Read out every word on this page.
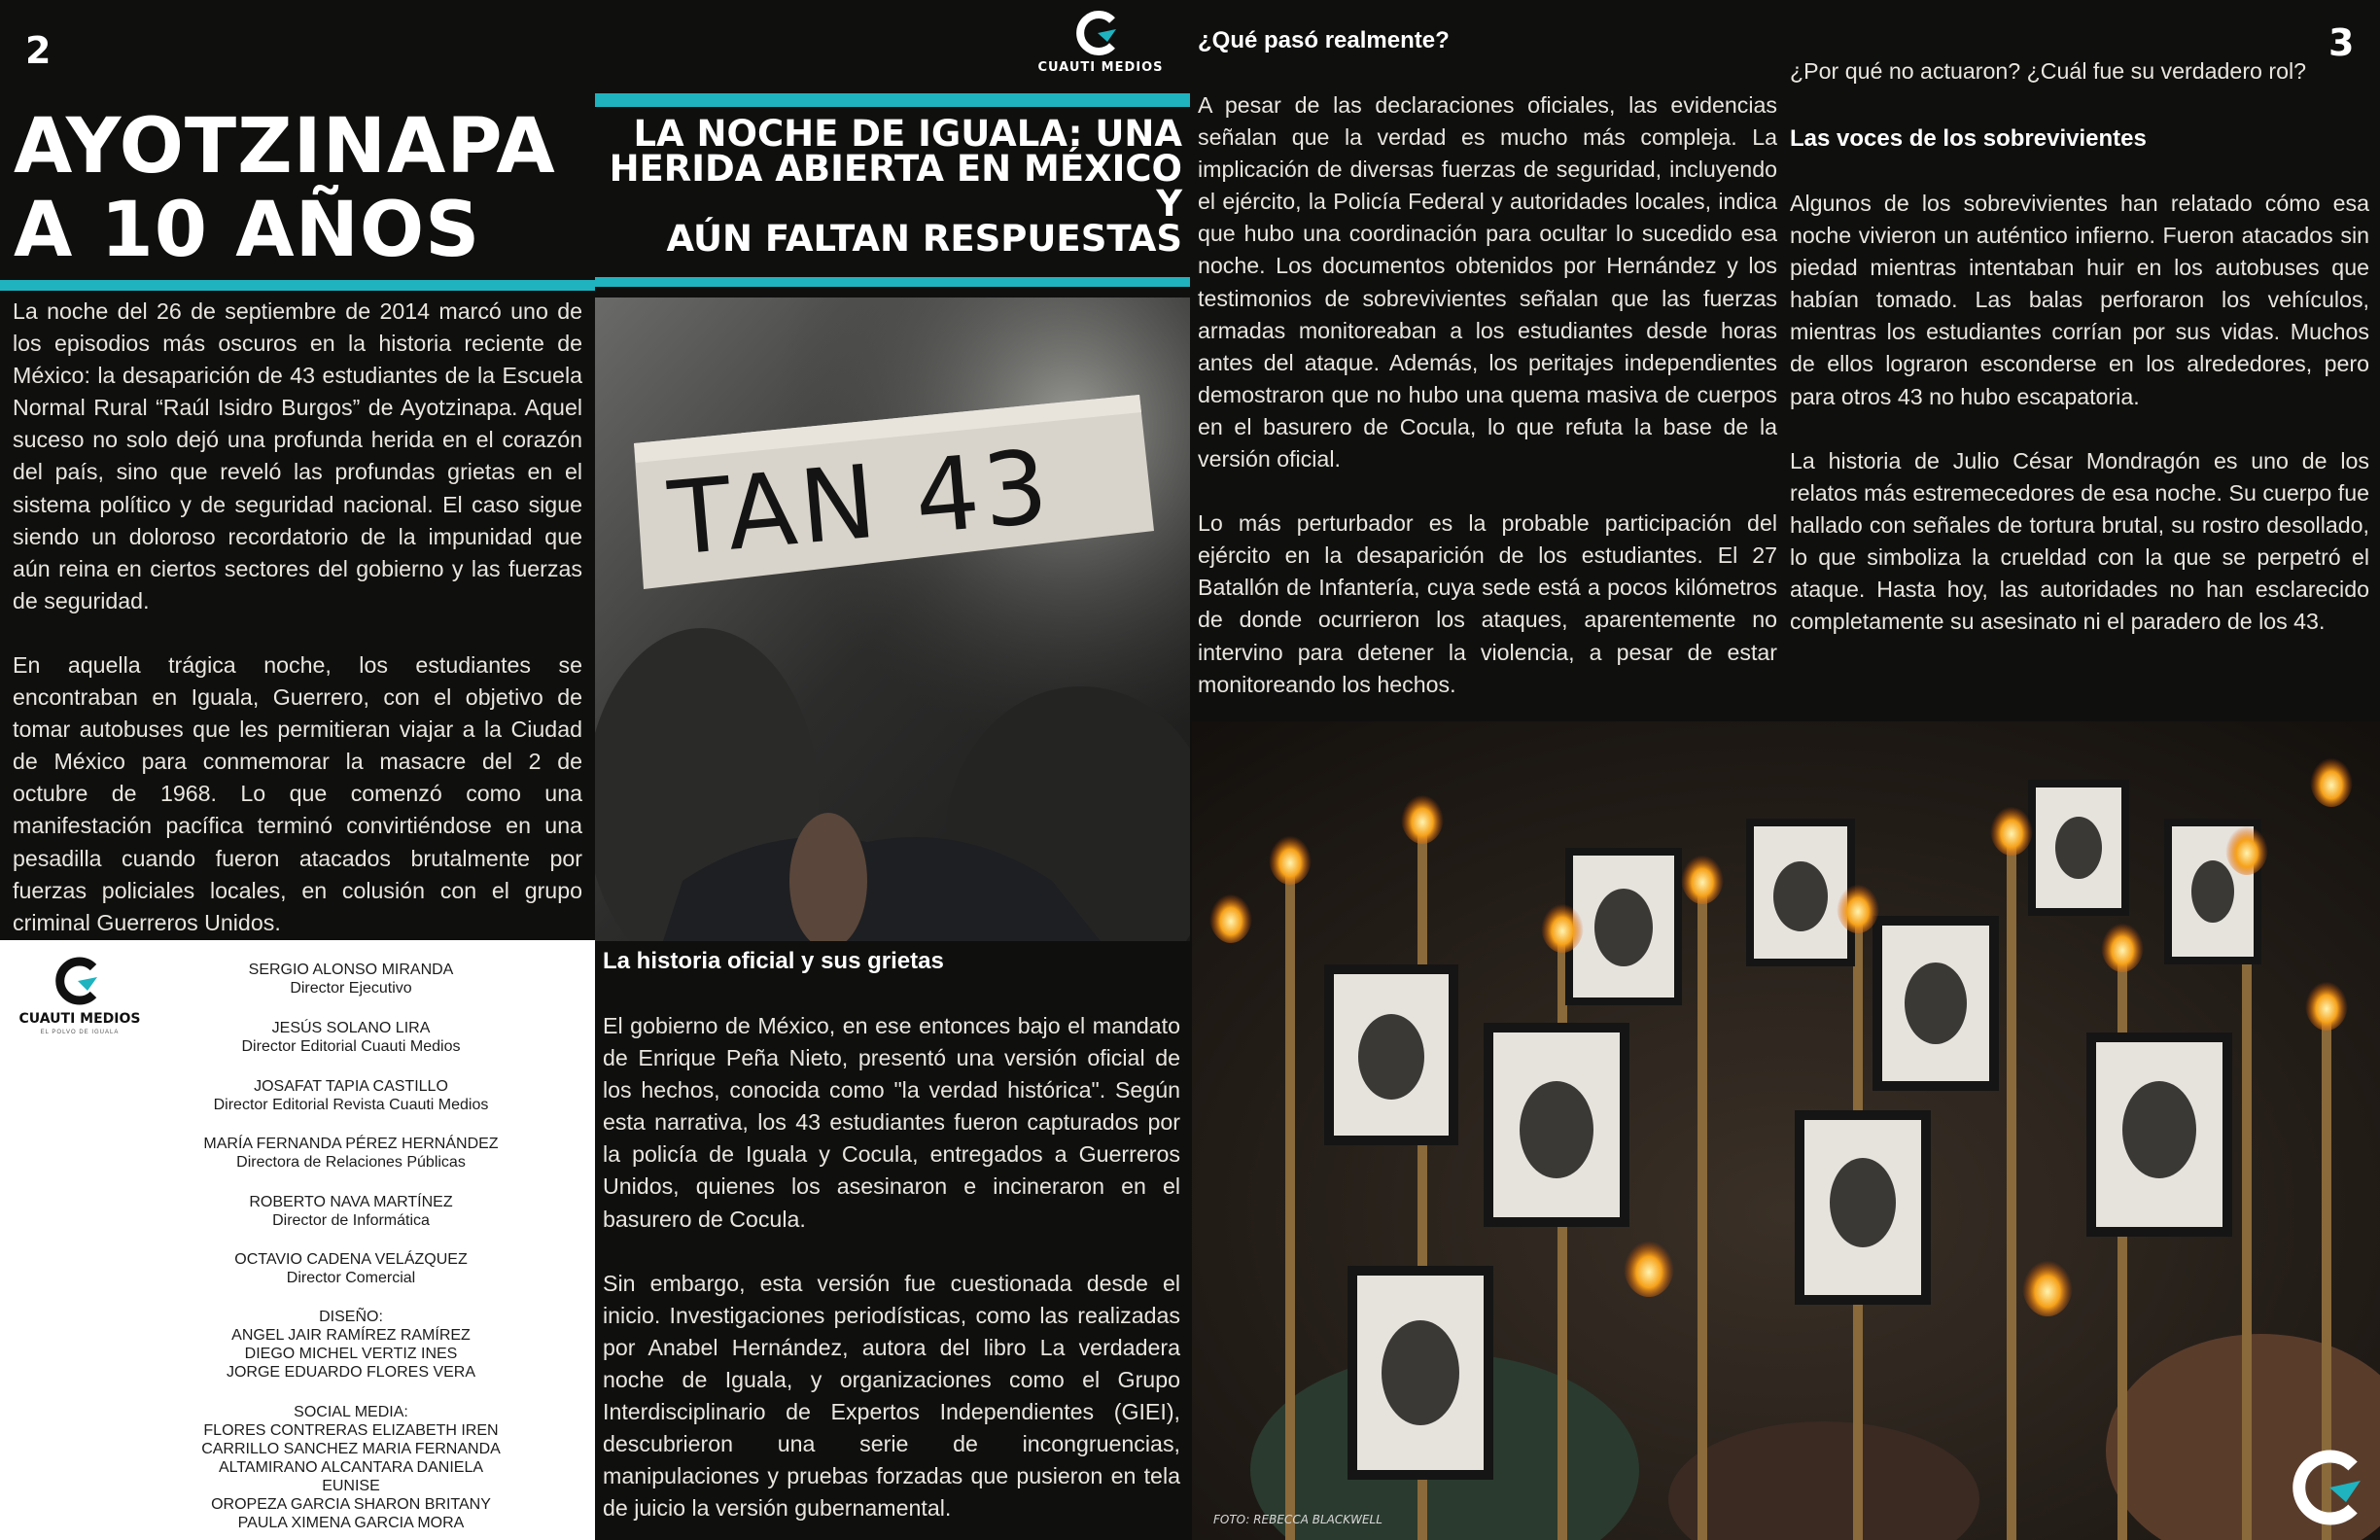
2
AYOTZINAPA
A 10 AÑOS

La noche del 26 de septiembre de 2014 marcó uno de los episodios más oscuros en la historia reciente de México: la desaparición de 43 estudiantes de la Escuela Normal Rural “Raúl Isidro Burgos” de Ayotzinapa. Aquel suceso no solo dejó una profunda herida en el corazón del país, sino que reveló las profundas grietas en el sistema político y de seguridad nacional. El caso sigue siendo un doloroso recordatorio de la impunidad que aún reina en ciertos sectores del gobierno y las fuerzas de seguridad.

En aquella trágica noche, los estudiantes se encontraban en Iguala, Guerrero, con el objetivo de tomar autobuses que les permitieran viajar a la Ciudad de México para conmemorar la masacre del 2 de octubre de 1968. Lo que comenzó como una manifestación pacífica terminó convirtiéndose en una pesadilla cuando fueron atacados brutalmente por fuerzas policiales locales, en colusión con el grupo criminal Guerreros Unidos.

CUAUTI MEDIOS
EL POLVO DE IGUALA
SERGIO ALONSO MIRANDA
Director Ejecutivo
JESÚS SOLANO LIRA
Director Editorial Cuauti Medios
JOSAFAT TAPIA CASTILLO
Director Editorial Revista Cuauti Medios
MARÍA FERNANDA PÉREZ HERNÁNDEZ
Directora de Relaciones Públicas
ROBERTO NAVA MARTÍNEZ
Director de Informática
OCTAVIO CADENA VELÁZQUEZ
Director Comercial
DISEÑO:
ANGEL JAIR RAMÍREZ RAMÍREZ
DIEGO MICHEL VERTIZ INES
JORGE EDUARDO FLORES VERA
SOCIAL MEDIA:
FLORES CONTRERAS ELIZABETH IREN
CARRILLO SANCHEZ MARIA FERNANDA
ALTAMIRANO ALCANTARA DANIELA EUNISE
OROPEZA GARCIA SHARON BRITANY
PAULA XIMENA GARCIA MORA
CUAUTI MEDIOS
LA NOCHE DE IGUALA: UNA
HERIDA ABIERTA EN MÉXICO Y
AÚN FALTAN RESPUESTAS
TAN 43
La historia oficial y sus grietas

El gobierno de México, en ese entonces bajo el mandato de Enrique Peña Nieto, presentó una versión oficial de los hechos, conocida como "la verdad histórica". Según esta narrativa, los 43 estudiantes fueron capturados por la policía de Iguala y Cocula, entregados a Guerreros Unidos, quienes los asesinaron e incineraron en el basurero de Cocula.

Sin embargo, esta versión fue cuestionada desde el inicio. Investigaciones periodísticas, como las realizadas por Anabel Hernández, autora del libro La verdadera noche de Iguala, y organizaciones como el Grupo Interdisciplinario de Expertos Independientes (GIEI), descubrieron una serie de incongruencias, manipulaciones y pruebas forzadas que pusieron en tela de juicio la versión gubernamental.

3
¿Qué pasó realmente?

A pesar de las declaraciones oficiales, las evidencias señalan que la verdad es mucho más compleja. La implicación de diversas fuerzas de seguridad, incluyendo el ejército, la Policía Federal y autoridades locales, indica que hubo una coordinación para ocultar lo sucedido esa noche. Los documentos obtenidos por Hernández y los testimonios de sobrevivientes señalan que las fuerzas armadas monitoreaban a los estudiantes desde horas antes del ataque. Además, los peritajes independientes demostraron que no hubo una quema masiva de cuerpos en el basurero de Cocula, lo que refuta la base de la versión oficial.

Lo más perturbador es la probable participación del ejército en la desaparición de los estudiantes. El 27 Batallón de Infantería, cuya sede está a pocos kilómetros de donde ocurrieron los ataques, aparentemente no intervino para detener la violencia, a pesar de estar monitoreando los hechos.

¿Por qué no actuaron? ¿Cuál fue su verdadero rol?
Las voces de los sobrevivientes

Algunos de los sobrevivientes han relatado cómo esa noche vivieron un auténtico infierno. Fueron atacados sin piedad mientras intentaban huir en los autobuses que habían tomado. Las balas perforaron los vehículos, mientras los estudiantes corrían por sus vidas. Muchos de ellos lograron esconderse en los alrededores, pero para otros 43 no hubo escapatoria.

La historia de Julio César Mondragón es uno de los relatos más estremecedores de esa noche. Su cuerpo fue hallado con señales de tortura brutal, su rostro desollado, lo que simboliza la crueldad con la que se perpetró el ataque. Hasta hoy, las autoridades no han esclarecido completamente su asesinato ni el paradero de los 43.

FOTO: REBECCA BLACKWELL
